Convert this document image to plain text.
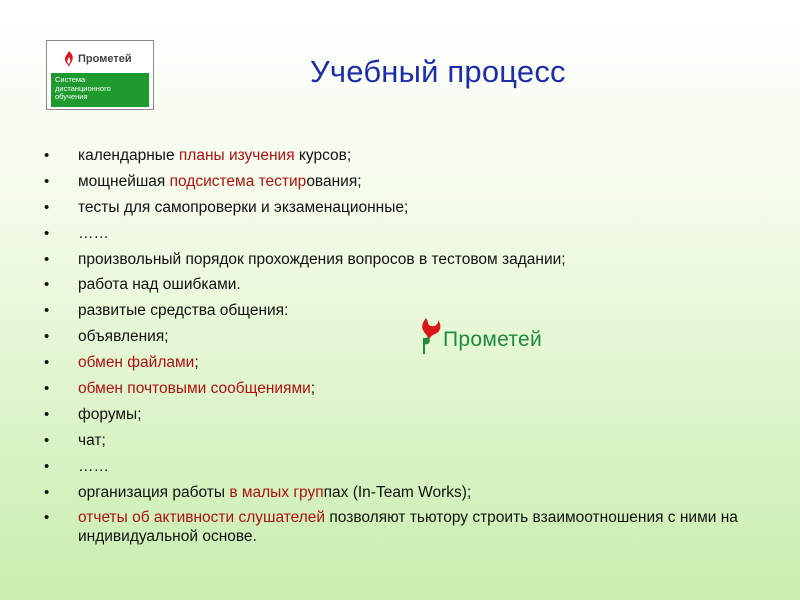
Прометей
Система
дистанционного
обучения
Учебный процесс
• календарные планы изучения курсов;
• мощнейшая подсистема тестирования;
• тесты для самопроверки и экзаменационные;
• ……
• произвольный порядок прохождения вопросов в тестовом задании;
• работа над ошибками.
• развитые средства общения:
• объявления;
• обмен файлами;
• обмен почтовыми сообщениями;
• форумы;
• чат;
• ……
• организация работы в малых группах (In-Team Works);
• отчеты об активности слушателей позволяют тьютору строить взаимоотношения с ними на индивидуальной основе.
Прометей
